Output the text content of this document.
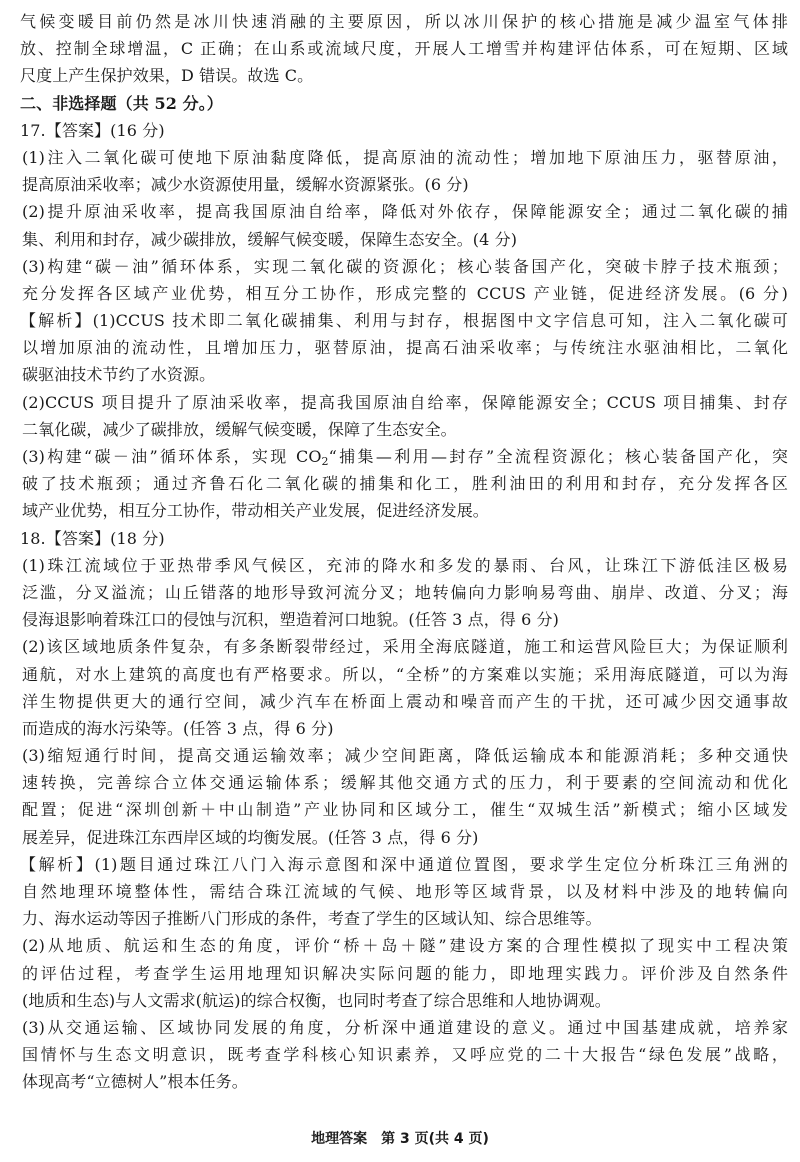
气候变暖目前仍然是冰川快速消融的主要原因，所以冰川保护的核心措施是减少温室气体排
放、控制全球增温，C 正确；在山系或流域尺度，开展人工增雪并构建评估体系，可在短期、区域
尺度上产生保护效果，D 错误。故选 C。
二、非选择题（共 52 分。）
17.【答案】(16 分)
(1)注入二氧化碳可使地下原油黏度降低，提高原油的流动性；增加地下原油压力，驱替原油，
提高原油采收率；减少水资源使用量，缓解水资源紧张。(6 分)
(2)提升原油采收率，提高我国原油自给率，降低对外依存，保障能源安全；通过二氧化碳的捕
集、利用和封存，减少碳排放，缓解气候变暖，保障生态安全。(4 分)
(3)构建“碳－油”循环体系，实现二氧化碳的资源化；核心装备国产化，突破卡脖子技术瓶颈；
充分发挥各区域产业优势，相互分工协作，形成完整的 CCUS 产业链，促进经济发展。(6 分)
【解析】(1)CCUS 技术即二氧化碳捕集、利用与封存，根据图中文字信息可知，注入二氧化碳可
以增加原油的流动性，且增加压力，驱替原油，提高石油采收率；与传统注水驱油相比，二氧化
碳驱油技术节约了水资源。
(2)CCUS 项目提升了原油采收率，提高我国原油自给率，保障能源安全；CCUS 项目捕集、封存
二氧化碳，减少了碳排放，缓解气候变暖，保障了生态安全。
(3)构建“碳－油”循环体系，实现 $CO_2“$捕集—利用—封存”全流程资源化；核心装备国产化，突
破了技术瓶颈；通过齐鲁石化二氧化碳的捕集和化工，胜利油田的利用和封存，充分发挥各区
域产业优势，相互分工协作，带动相关产业发展，促进经济发展。
18.【答案】(18 分)
(1)珠江流域位于亚热带季风气候区，充沛的降水和多发的暴雨、台风，让珠江下游低洼区极易
泛滥，分叉溢流；山丘错落的地形导致河流分叉；地转偏向力影响易弯曲、崩岸、改道、分叉；海
侵海退影响着珠江口的侵蚀与沉积，塑造着河口地貌。(任答 3 点，得 6 分)
(2)该区域地质条件复杂，有多条断裂带经过，采用全海底隧道，施工和运营风险巨大；为保证顺利
通航，对水上建筑的高度也有严格要求。所以，“全桥”的方案难以实施；采用海底隧道，可以为海
洋生物提供更大的通行空间，减少汽车在桥面上震动和噪音而产生的干扰，还可减少因交通事故
而造成的海水污染等。(任答 3 点，得 6 分)
(3)缩短通行时间，提高交通运输效率；减少空间距离，降低运输成本和能源消耗；多种交通快
速转换，完善综合立体交通运输体系；缓解其他交通方式的压力，利于要素的空间流动和优化
配置；促进“深圳创新＋中山制造”产业协同和区域分工，催生“双城生活”新模式；缩小区域发
展差异，促进珠江东西岸区域的均衡发展。(任答 3 点，得 6 分)
【解析】(1)题目通过珠江八门入海示意图和深中通道位置图，要求学生定位分析珠江三角洲的
自然地理环境整体性，需结合珠江流域的气候、地形等区域背景，以及材料中涉及的地转偏向
力、海水运动等因子推断八门形成的条件，考查了学生的区域认知、综合思维等。
(2)从地质、航运和生态的角度，评价“桥＋岛＋隧”建设方案的合理性模拟了现实中工程决策
的评估过程，考查学生运用地理知识解决实际问题的能力，即地理实践力。评价涉及自然条件
(地质和生态)与人文需求(航运)的综合权衡，也同时考查了综合思维和人地协调观。
(3)从交通运输、区域协同发展的角度，分析深中通道建设的意义。通过中国基建成就，培养家
国情怀与生态文明意识，既考查学科核心知识素养，又呼应党的二十大报告“绿色发展”战略，
体现高考“立德树人”根本任务。
地理答案　第 3 页(共 4 页)
